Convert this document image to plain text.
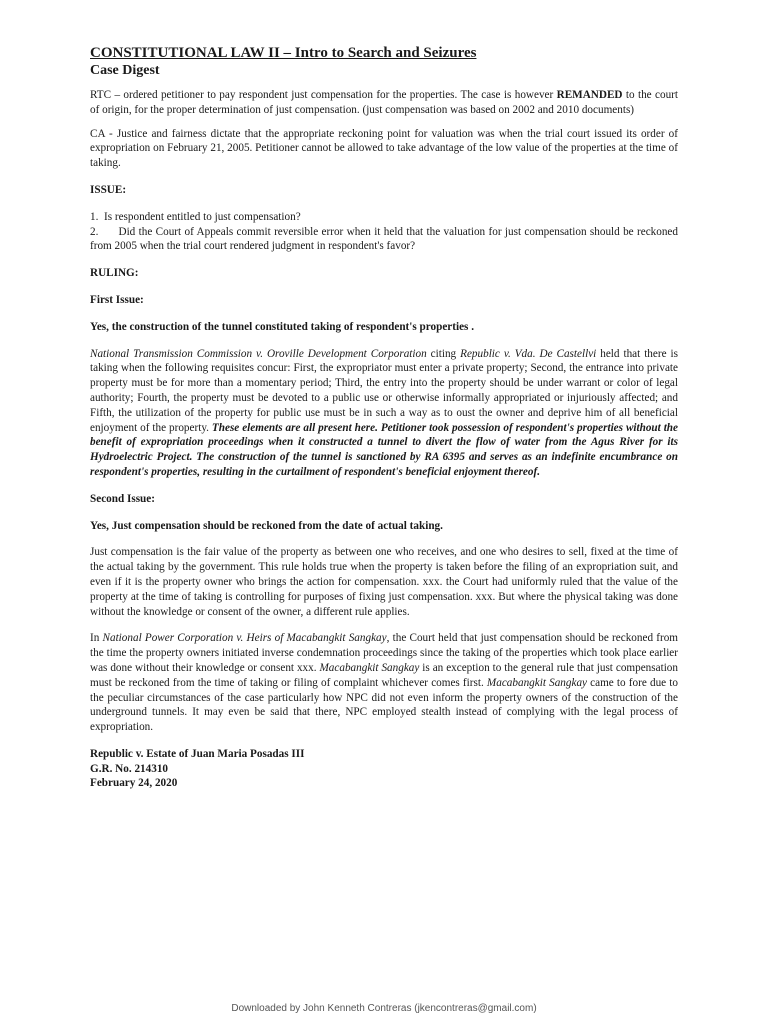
CONSTITUTIONAL LAW II – Intro to Search and Seizures
Case Digest

RTC – ordered petitioner to pay respondent just compensation for the properties. The case is however REMANDED to the court of origin, for the proper determination of just compensation. (just compensation was based on 2002 and 2010 documents)

CA - Justice and fairness dictate that the appropriate reckoning point for valuation was when the trial court issued its order of expropriation on February 21, 2005. Petitioner cannot be allowed to take advantage of the low value of the properties at the time of taking.

ISSUE:

1.  Is respondent entitled to just compensation?

2.      Did the Court of Appeals commit reversible error when it held that the valuation for just compensation should be reckoned from 2005 when the trial court rendered judgment in respondent's favor?

RULING:
First Issue:
Yes, the construction of the tunnel constituted taking of respondent's properties .

National Transmission Commission v. Oroville Development Corporation citing Republic v. Vda. De Castellvi held that there is taking when the following requisites concur: First, the expropriator must enter a private property; Second, the entrance into private property must be for more than a momentary period; Third, the entry into the property should be under warrant or color of legal authority; Fourth, the property must be devoted to a public use or otherwise informally appropriated or injuriously affected; and Fifth, the utilization of the property for public use must be in such a way as to oust the owner and deprive him of all beneficial enjoyment of the property. These elements are all present here. Petitioner took possession of respondent's properties without the benefit of expropriation proceedings when it constructed a tunnel to divert the flow of water from the Agus River for its Hydroelectric Project. The construction of the tunnel is sanctioned by RA 6395 and serves as an indefinite encumbrance on respondent's properties, resulting in the curtailment of respondent's beneficial enjoyment thereof.

Second Issue:
Yes, Just compensation should be reckoned from the date of actual taking.

Just compensation is the fair value of the property as between one who receives, and one who desires to sell, fixed at the time of the actual taking by the government. This rule holds true when the property is taken before the filing of an expropriation suit, and even if it is the property owner who brings the action for compensation. xxx. the Court had uniformly ruled that the value of the property at the time of taking is controlling for purposes of fixing just compensation. xxx. But where the physical taking was done without the knowledge or consent of the owner, a different rule applies.

In National Power Corporation v. Heirs of Macabangkit Sangkay, the Court held that just compensation should be reckoned from the time the property owners initiated inverse condemnation proceedings since the taking of the properties which took place earlier was done without their knowledge or consent xxx. Macabangkit Sangkay is an exception to the general rule that just compensation must be reckoned from the time of taking or filing of complaint whichever comes first. Macabangkit Sangkay came to fore due to the peculiar circumstances of the case particularly how NPC did not even inform the property owners of the construction of the underground tunnels. It may even be said that there, NPC employed stealth instead of complying with the legal process of expropriation.

Republic v. Estate of Juan Maria Posadas III
G.R. No. 214310
February 24, 2020
Downloaded by John Kenneth Contreras (jkencontreras@gmail.com)
